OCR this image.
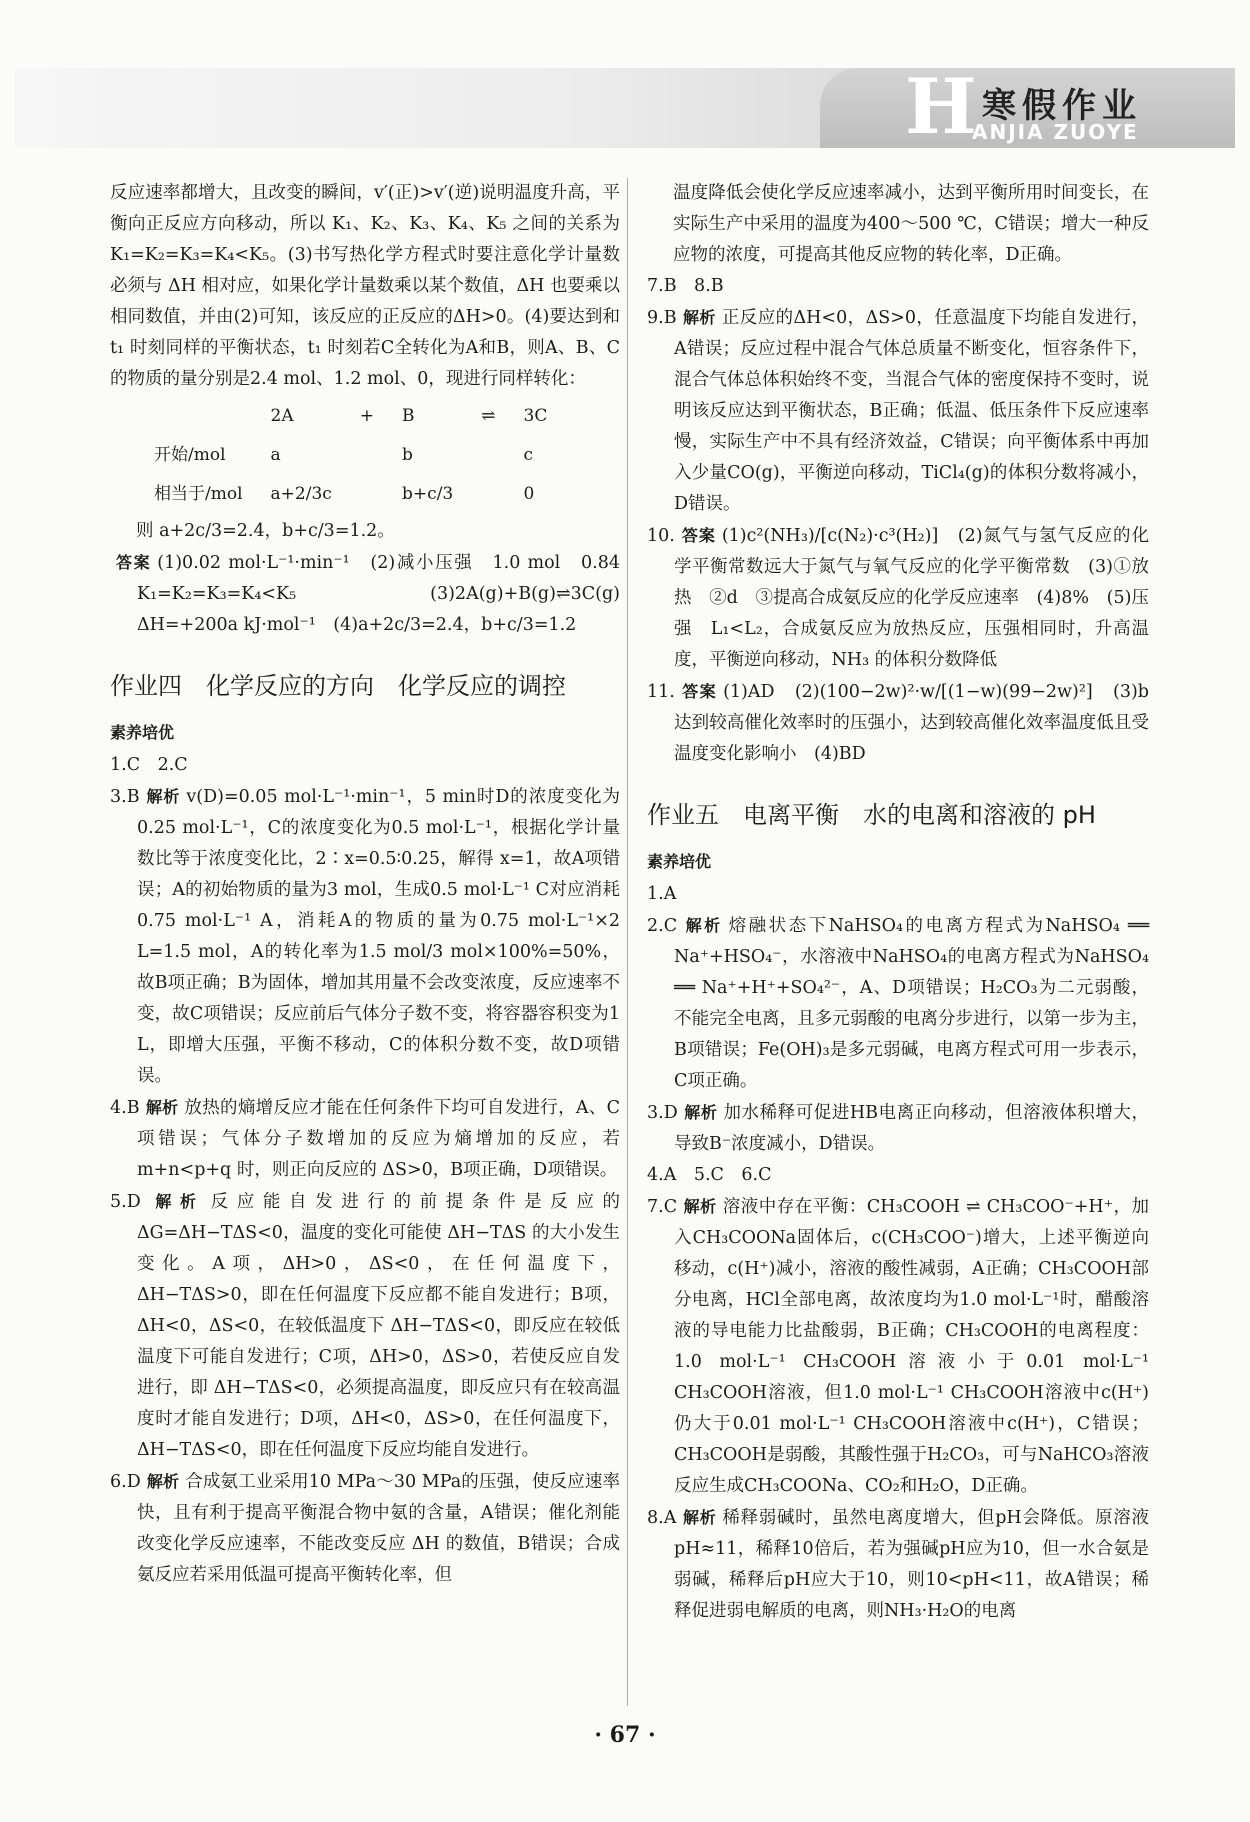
H 寒假作业
ANJIA ZUOYE

反应速率都增大，且改变的瞬间，v′(正)>v′(逆)说明温度升高，平衡向正反应方向移动，所以 K₁、K₂、K₃、K₄、K₅ 之间的关系为 K₁=K₂=K₃=K₄<K₅。(3)书写热化学方程式时要注意化学计量数必须与 ΔH 相对应，如果化学计量数乘以某个数值，ΔH 也要乘以相同数值，并由(2)可知，该反应的正反应的ΔH>0。(4)要达到和 t₁ 时刻同样的平衡状态，t₁ 时刻若C全转化为A和B，则A、B、C的物质的量分别是2.4 mol、1.2 mol、0，现进行同样转化：

	2A	+	B	⇌	3C
开始/mol	a		b		c
相当于/mol	a+2/3c		b+c/3		0

则 a+2c/3=2.4，b+c/3=1.2。

答案 (1)0.02 mol·L⁻¹·min⁻¹　(2)减小压强　1.0 mol　0.84　K₁=K₂=K₃=K₄<K₅　(3)2A(g)+B(g)⇌3C(g)　ΔH=+200a kJ·mol⁻¹　(4)a+2c/3=2.4，b+c/3=1.2

作业四　化学反应的方向　化学反应的调控
素养培优

1.C　2.C

3.B 解析 v(D)=0.05 mol·L⁻¹·min⁻¹，5 min时D的浓度变化为0.25 mol·L⁻¹，C的浓度变化为0.5 mol·L⁻¹，根据化学计量数比等于浓度变化比，2∶x=0.5∶0.25，解得 x=1，故A项错误；A的初始物质的量为3 mol，生成0.5 mol·L⁻¹ C对应消耗0.75 mol·L⁻¹ A，消耗A的物质的量为0.75 mol·L⁻¹×2 L=1.5 mol，A的转化率为1.5 mol/3 mol×100%=50%，故B项正确；B为固体，增加其用量不会改变浓度，反应速率不变，故C项错误；反应前后气体分子数不变，将容器容积变为1 L，即增大压强，平衡不移动，C的体积分数不变，故D项错误。

4.B 解析 放热的熵增反应才能在任何条件下均可自发进行，A、C项错误；气体分子数增加的反应为熵增加的反应，若 m+n<p+q 时，则正向反应的 ΔS>0，B项正确，D项错误。

5.D 解析 反应能自发进行的前提条件是反应的 ΔG=ΔH−TΔS<0，温度的变化可能使 ΔH−TΔS 的大小发生变化。A项，ΔH>0，ΔS<0，在任何温度下，ΔH−TΔS>0，即在任何温度下反应都不能自发进行；B项，ΔH<0，ΔS<0，在较低温度下 ΔH−TΔS<0，即反应在较低温度下可能自发进行；C项，ΔH>0，ΔS>0，若使反应自发进行，即 ΔH−TΔS<0，必须提高温度，即反应只有在较高温度时才能自发进行；D项，ΔH<0，ΔS>0，在任何温度下，ΔH−TΔS<0，即在任何温度下反应均能自发进行。

6.D 解析 合成氨工业采用10 MPa～30 MPa的压强，使反应速率快，且有利于提高平衡混合物中氨的含量，A错误；催化剂能改变化学反应速率，不能改变反应 ΔH 的数值，B错误；合成氨反应若采用低温可提高平衡转化率，但

温度降低会使化学反应速率减小，达到平衡所用时间变长，在实际生产中采用的温度为400～500 ℃，C错误；增大一种反应物的浓度，可提高其他反应物的转化率，D正确。

7.B　8.B

9.B 解析 正反应的ΔH<0，ΔS>0，任意温度下均能自发进行，A错误；反应过程中混合气体总质量不断变化，恒容条件下，混合气体总体积始终不变，当混合气体的密度保持不变时，说明该反应达到平衡状态，B正确；低温、低压条件下反应速率慢，实际生产中不具有经济效益，C错误；向平衡体系中再加入少量CO(g)，平衡逆向移动，TiCl₄(g)的体积分数将减小，D错误。

10. 答案 (1)c²(NH₃)/[c(N₂)·c³(H₂)]　(2)氮气与氢气反应的化学平衡常数远大于氮气与氧气反应的化学平衡常数　(3)①放热　②d　③提高合成氨反应的化学反应速率　(4)8%　(5)压强　L₁<L₂，合成氨反应为放热反应，压强相同时，升高温度，平衡逆向移动，NH₃ 的体积分数降低

11. 答案 (1)AD　(2)(100−2w)²·w/[(1−w)(99−2w)²]　(3)b　达到较高催化效率时的压强小，达到较高催化效率温度低且受温度变化影响小　(4)BD

作业五　电离平衡　水的电离和溶液的 pH
素养培优

1.A

2.C 解析 熔融状态下NaHSO₄的电离方程式为NaHSO₄ ══ Na⁺+HSO₄⁻，水溶液中NaHSO₄的电离方程式为NaHSO₄ ══ Na⁺+H⁺+SO₄²⁻，A、D项错误；H₂CO₃为二元弱酸，不能完全电离，且多元弱酸的电离分步进行，以第一步为主，B项错误；Fe(OH)₃是多元弱碱，电离方程式可用一步表示，C项正确。

3.D 解析 加水稀释可促进HB电离正向移动，但溶液体积增大，导致B⁻浓度减小，D错误。

4.A　5.C　6.C

7.C 解析 溶液中存在平衡：CH₃COOH ⇌ CH₃COO⁻+H⁺，加入CH₃COONa固体后，c(CH₃COO⁻)增大，上述平衡逆向移动，c(H⁺)减小，溶液的酸性减弱，A正确；CH₃COOH部分电离，HCl全部电离，故浓度均为1.0 mol·L⁻¹时，醋酸溶液的导电能力比盐酸弱，B正确；CH₃COOH的电离程度：1.0 mol·L⁻¹ CH₃COOH溶液小于0.01 mol·L⁻¹ CH₃COOH溶液，但1.0 mol·L⁻¹ CH₃COOH溶液中c(H⁺)仍大于0.01 mol·L⁻¹ CH₃COOH溶液中c(H⁺)，C错误；CH₃COOH是弱酸，其酸性强于H₂CO₃，可与NaHCO₃溶液反应生成CH₃COONa、CO₂和H₂O，D正确。

8.A 解析 稀释弱碱时，虽然电离度增大，但pH会降低。原溶液pH≈11，稀释10倍后，若为强碱pH应为10，但一水合氨是弱碱，稀释后pH应大于10，则10<pH<11，故A错误；稀释促进弱电解质的电离，则NH₃·H₂O的电离

· 67 ·
